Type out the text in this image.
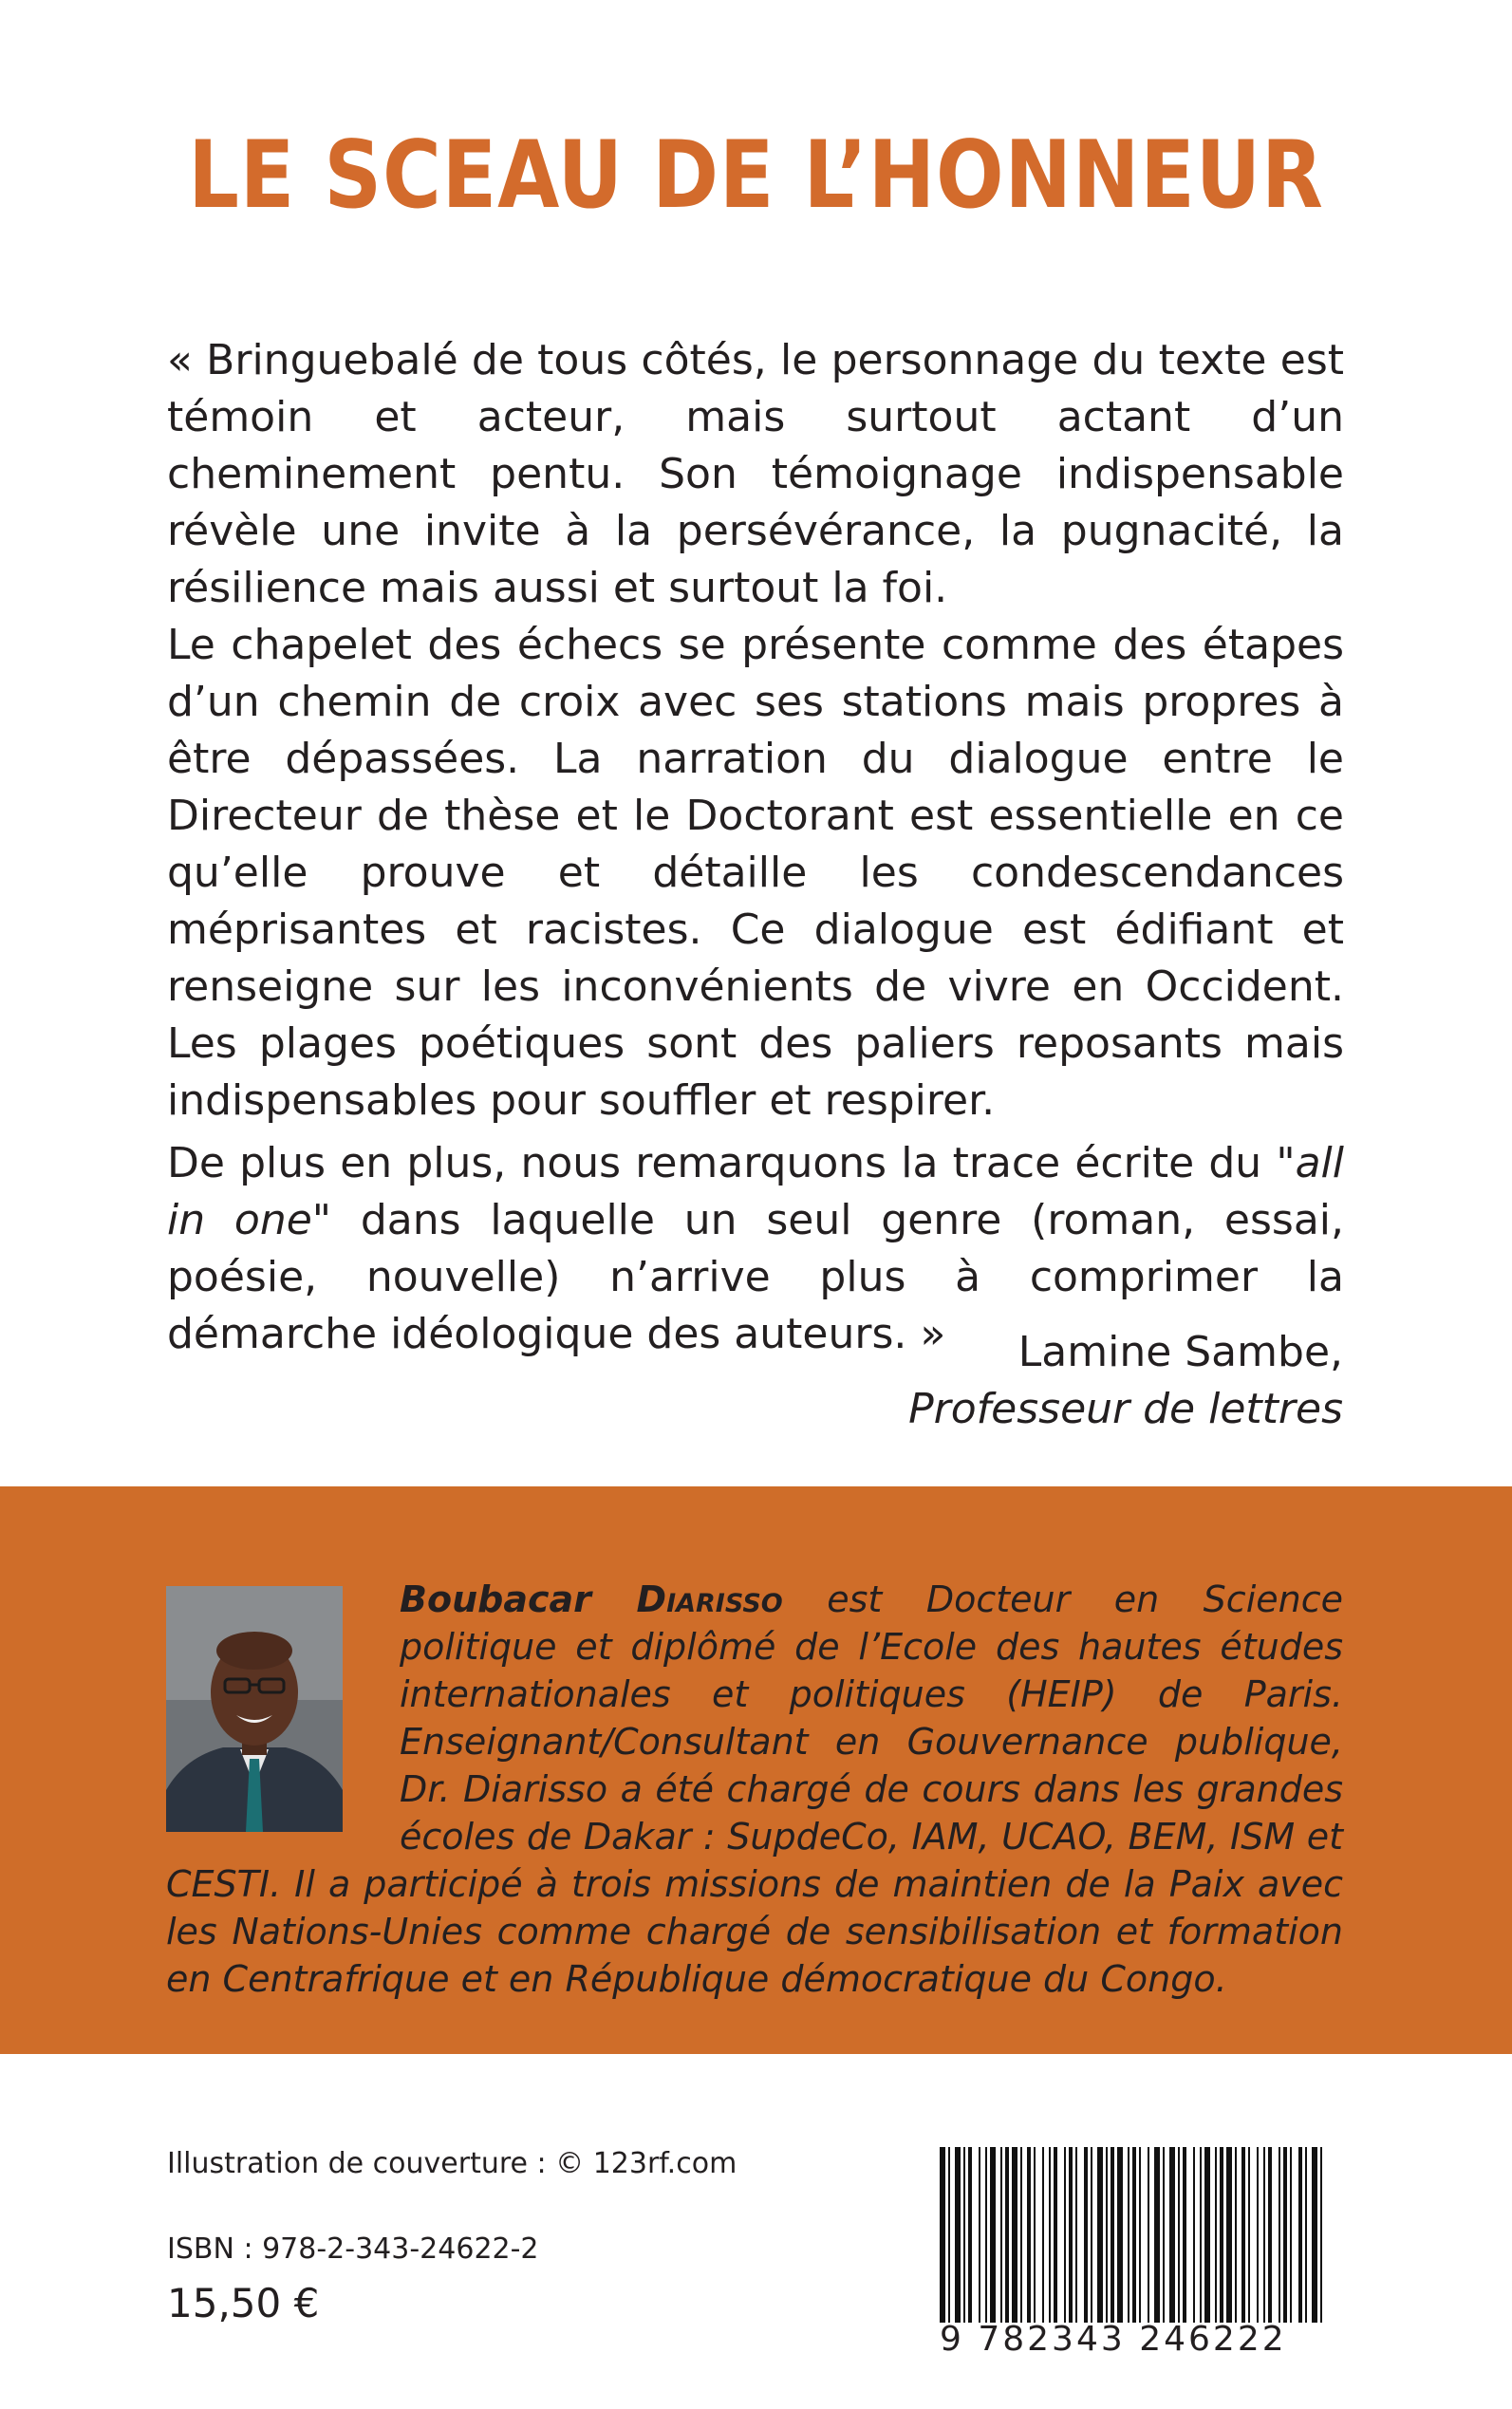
LE SCEAU DE L’HONNEUR

« Bringuebalé de tous côtés, le personnage du texte est témoin et acteur, mais surtout actant d’un cheminement pentu. Son témoignage indispensable révèle une invite à la persévérance, la pugnacité, la résilience mais aussi et surtout la foi.

Le chapelet des échecs se présente comme des étapes d’un chemin de croix avec ses stations mais propres à être dépassées. La narration du dialogue entre le Directeur de thèse et le Doctorant est essentielle en ce qu’elle prouve et détaille les condescendances méprisantes et racistes. Ce dialogue est édifiant et renseigne sur les inconvénients de vivre en Occident. Les plages poétiques sont des paliers reposants mais indispensables pour souffler et respirer.

De plus en plus, nous remarquons la trace écrite du "all in one" dans laquelle un seul genre (roman, essai, poésie, nouvelle) n’arrive plus à comprimer la démarche idéologique des auteurs. »	Lamine Sambe,
Professeur de lettres
Boubacar Diarisso est Docteur en Science politique et diplômé de l’Ecole des hautes études internationales et politiques (HEIP) de Paris. Enseignant/Consultant en Gouvernance publique, Dr. Diarisso a été chargé de cours dans les grandes écoles de Dakar : SupdeCo, IAM, UCAO, BEM, ISM et CESTI. Il a participé à trois missions de maintien de la Paix avec les Nations-Unies comme chargé de sensibilisation et formation en Centrafrique et en République démocratique du Congo.
Illustration de couverture : © 123rf.com
ISBN : 978-2-343-24622-2
15,50 €
9 782343 246222
